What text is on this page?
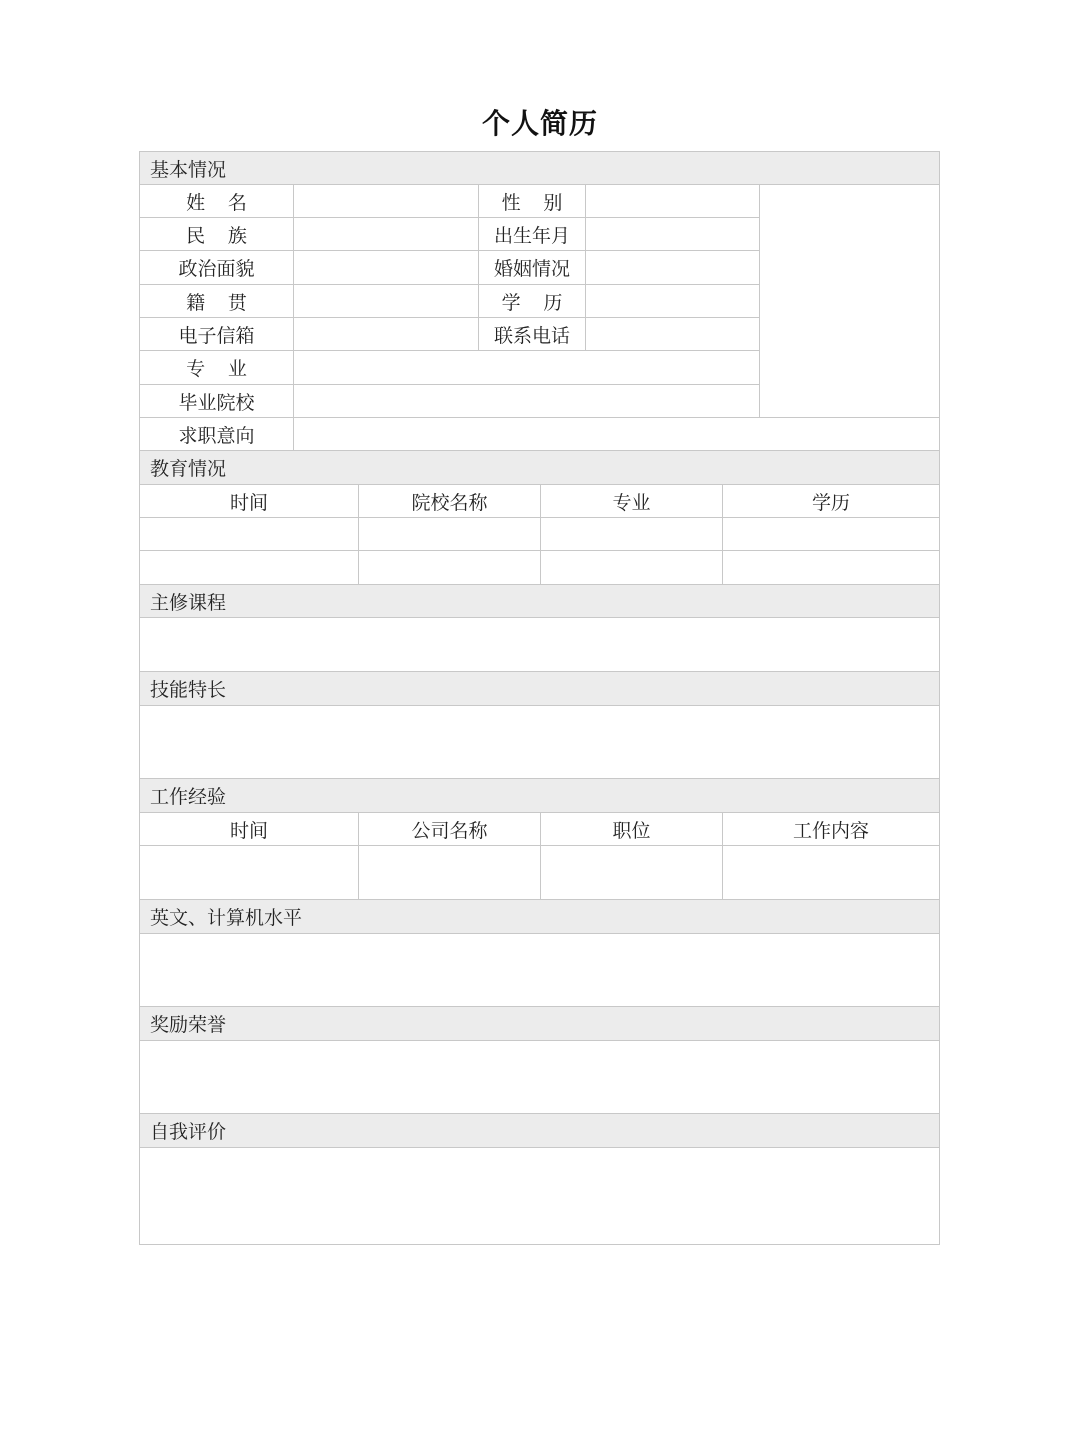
个人简历
基本情况
姓 名	性 别
民 族	出生年月
政治面貌	婚姻情况
籍 贯	学 历
电子信箱	联系电话
专 业
毕业院校
求职意向
教育情况
时间	院校名称	专业	学历
主修课程
技能特长
工作经验
时间	公司名称	职位	工作内容
英文、计算机水平
奖励荣誉
自我评价
